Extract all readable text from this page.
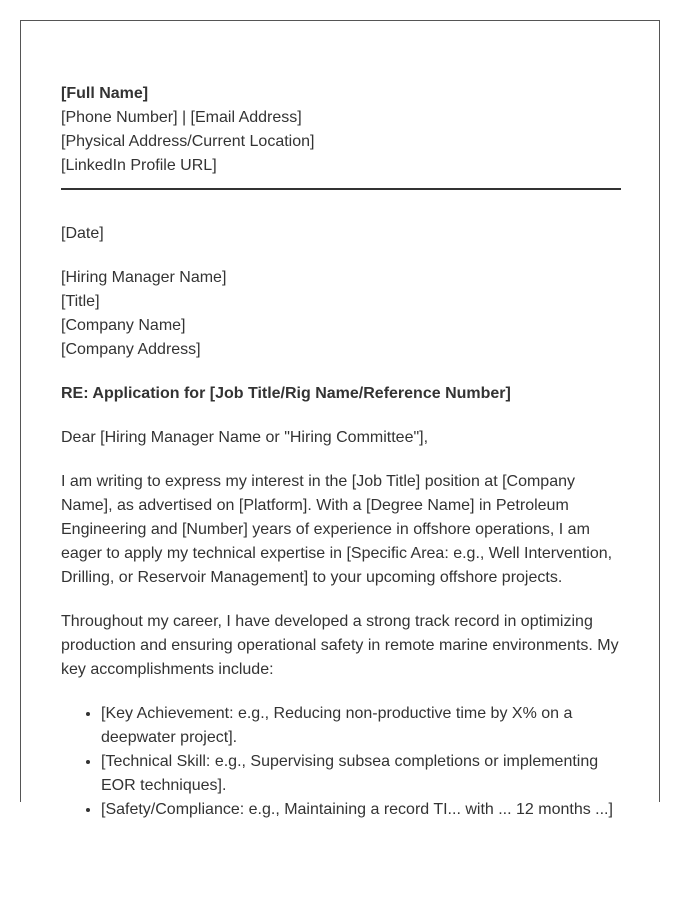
[Full Name]
[Phone Number] | [Email Address]
[Physical Address/Current Location]
[LinkedIn Profile URL]
[Date]
[Hiring Manager Name]
[Title]
[Company Name]
[Company Address]
RE: Application for [Job Title/Rig Name/Reference Number]
Dear [Hiring Manager Name or "Hiring Committee"],

I am writing to express my interest in the [Job Title] position at [Company Name], as advertised on [Platform]. With a [Degree Name] in Petroleum Engineering and [Number] years of experience in offshore operations, I am eager to apply my technical expertise in [Specific Area: e.g., Well Intervention, Drilling, or Reservoir Management] to your upcoming offshore projects.

Throughout my career, I have developed a strong track record in optimizing production and ensuring operational safety in remote marine environments. My key accomplishments include:

• [Key Achievement: e.g., Reducing non-productive time by X% on a deepwater project].
• [Technical Skill: e.g., Supervising subsea completions or implementing EOR techniques].
• [Safety/Compliance: e.g., Maintaining a record TI... with ... 12 months ...]
